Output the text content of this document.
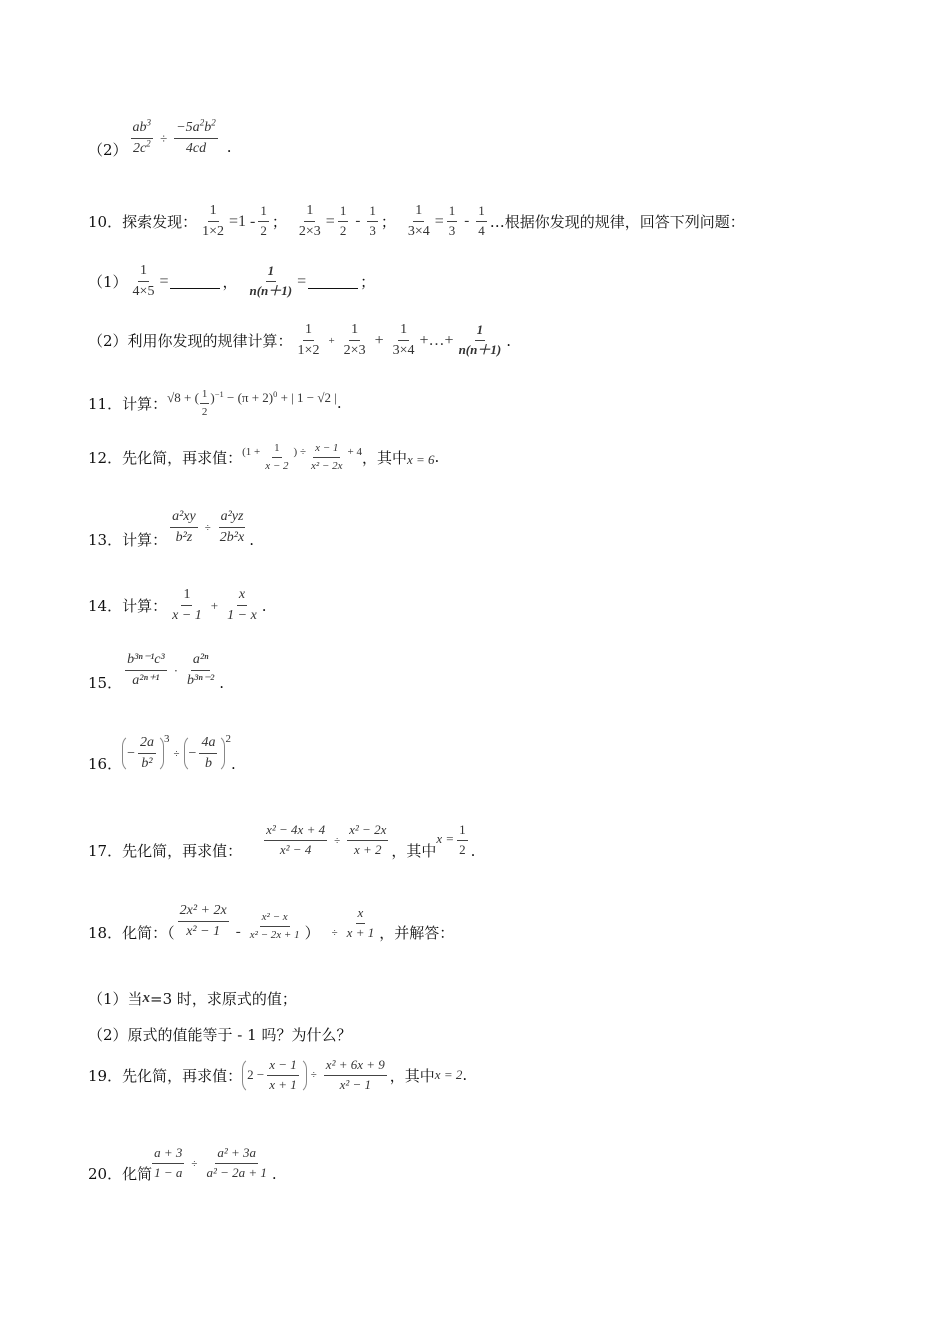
$(2) \frac{ab^3}{2c^2} \div \frac{-5a^2b^2}{4cd}$ .
10． 探索发现： $\frac{1}{1\times 2} =1 - \frac{1}{2}$ ； $\frac{1}{2\times 3} = \frac{1}{2} - \frac{1}{3}$ ； $\frac{1}{3\times 4} = \frac{1}{3} - \frac{1}{4}$ …根据你发现的规律，回答下列问题：
$(1) \frac{1}{4\times 5}$ =	， $\frac{1}{n(n+1)}$ =	；
（2）利用你发现的规律计算： $\frac{1}{1\times 2} + \frac{1}{2\times 3} + \frac{1}{3\times 4}$ +…+ $\frac{1}{n(n+1)}$ .
11． 计算： √8 + ( $\frac{1}{2} )^{-1} - (\pi + 2)^0$ + | 1 − √2 | .
12． 先化简，再求值： ($1 + \frac{1}{x - 2}$ ) ÷ $\frac{x - 1}{\text{x² − 2x}} + 4$ ，其中 x = 6 .
13． 计算： $\frac{\text{a²xy}}{\text{b²z}} \div \frac{\text{a²yz}}{\text{2b²x}}$ .
14． 计算： $\frac{1}{x - 1} + \frac{x}{1 - x}$ .
15． $\frac{\text{b³ⁿ⁻¹c³}}{\text{a²ⁿ⁺¹}} \cdot \frac{\text{a²ⁿ}}{\text{b³ⁿ⁻²}}$ .
16．
− $\frac{2a}{\text{b²}} 3$
÷ − $\frac{4a}{b} 2$
.
17． 先化简，再求值： $\frac{\text{x² − 4x + 4}}{\text{x² − 4}} \div \frac{\text{x² − 2x}}{x + 2}$ ，其中
$x = \frac{1}{2}$ .
18． 化简：（ $\frac{\text{2x² + 2x}}{\text{x² − 1}} - \frac{\text{x² − x}}{\text{x² − 2x + 1}}$ ） ÷ $\frac{x}{x + 1}$ ，并解答：
（1）当 x =3 时，求原式的值；
（2）原式的值能等于 - 1 吗？为什么？
19． 先化简，再求值： $2 - \frac{x - 1}{x + 1} \div \frac{\text{x² + 6x + 9}}{\text{x² − 1}}$ ，其中 x = 2 .
20． 化简 $\frac{a + 3}{1 - a} \div \frac{\text{a² + 3a}}{\text{a² − 2a + 1}}$ .
